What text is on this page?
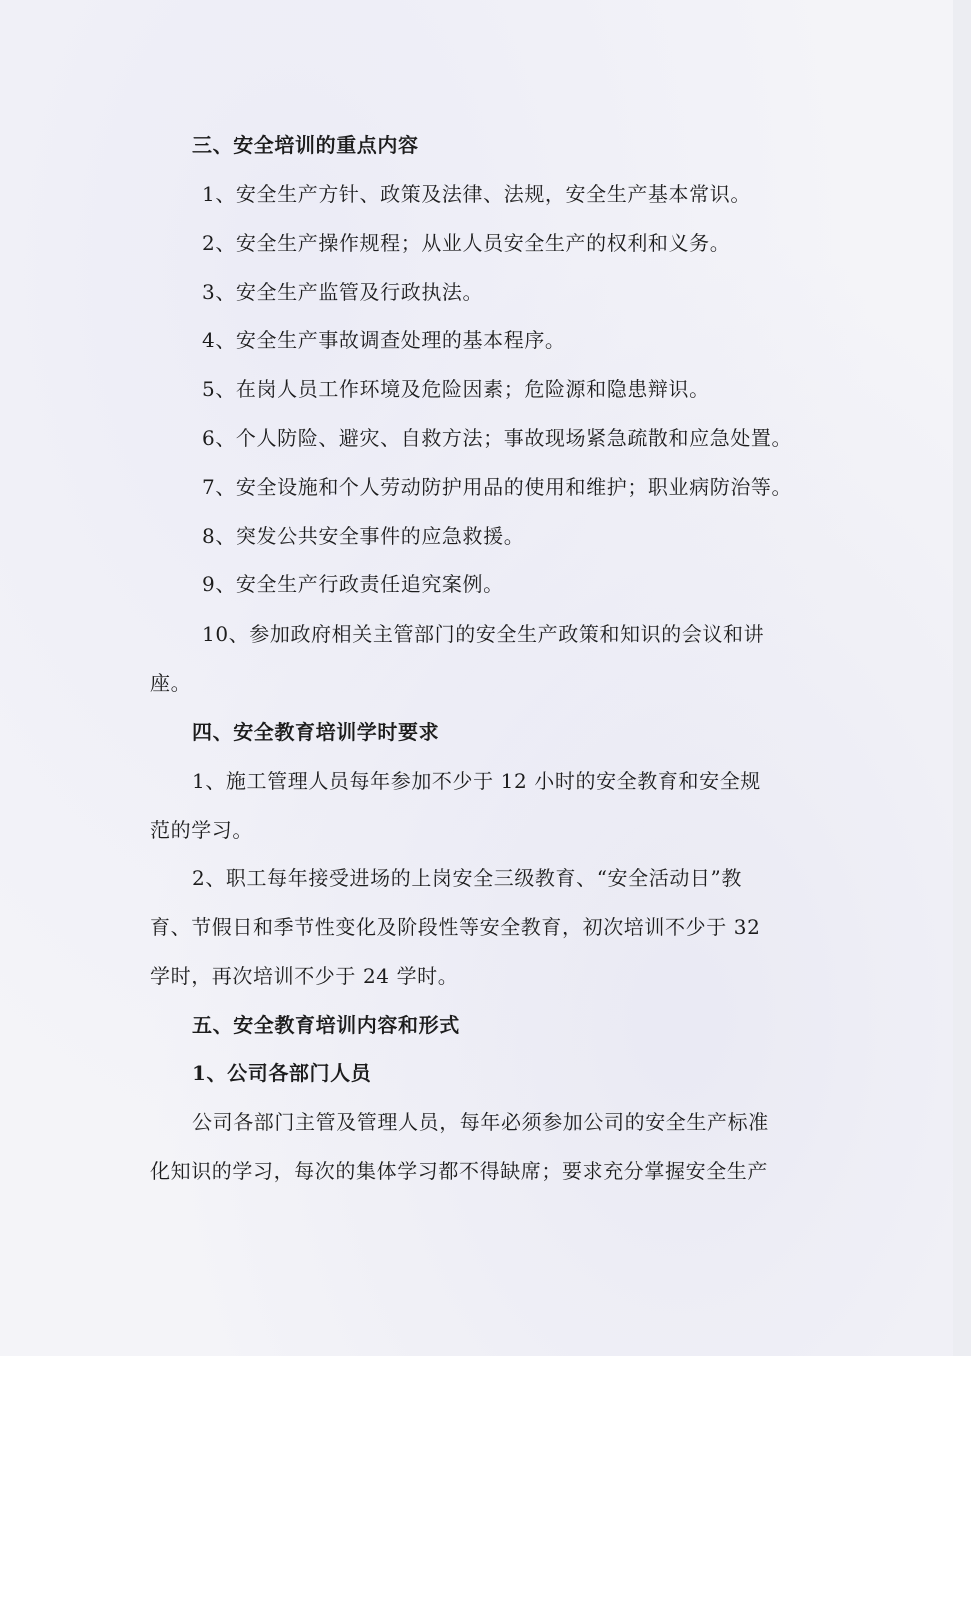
三、安全培训的重点内容
1、安全生产方针、政策及法律、法规，安全生产基本常识。
2、安全生产操作规程；从业人员安全生产的权利和义务。
3、安全生产监管及行政执法。
4、安全生产事故调查处理的基本程序。
5、在岗人员工作环境及危险因素；危险源和隐患辩识。
6、个人防险、避灾、自救方法；事故现场紧急疏散和应急处置。
7、安全设施和个人劳动防护用品的使用和维护；职业病防治等。
8、突发公共安全事件的应急救援。
9、安全生产行政责任追究案例。
10、参加政府相关主管部门的安全生产政策和知识的会议和讲
座。
四、安全教育培训学时要求
1、施工管理人员每年参加不少于 12 小时的安全教育和安全规
范的学习。
2、职工每年接受进场的上岗安全三级教育、“安全活动日”教
育、节假日和季节性变化及阶段性等安全教育，初次培训不少于 32
学时，再次培训不少于 24 学时。
五、安全教育培训内容和形式
1、公司各部门人员
公司各部门主管及管理人员，每年必须参加公司的安全生产标准
化知识的学习，每次的集体学习都不得缺席；要求充分掌握安全生产
